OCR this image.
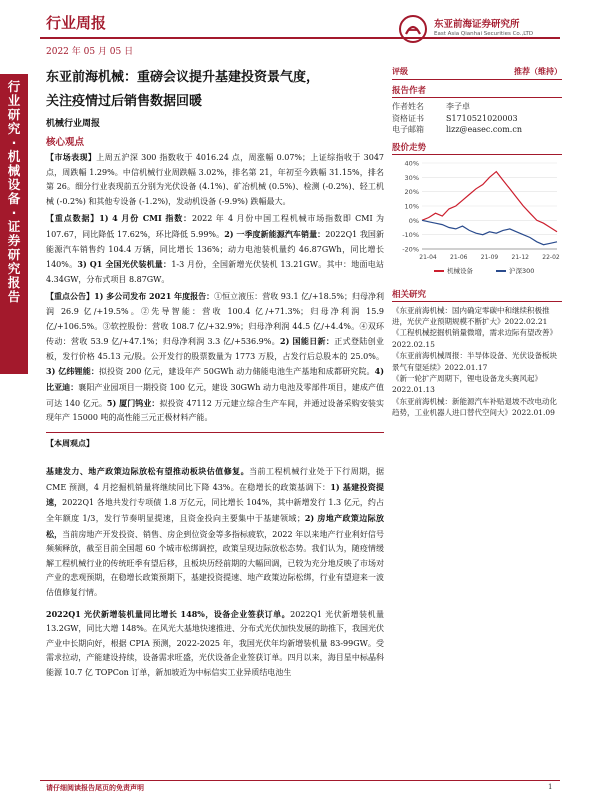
行业周报
2022 年 05 月 05 日
东亚前海证券研究所
East Asia Qianhai Securities Co.,LTD
行业研究·机械设备·证券研究报告
东亚前海机械：重磅会议提升基建投资景气度，
关注疫情过后销售数据回暖
机械行业周报
核心观点

【市场表现】上周五沪深 300 指数收于 4016.24 点，周涨幅 0.07%；上证综指收于 3047 点，周跌幅 1.29%。中信机械行业周跌幅 3.02%，排名第 21，年初至今跌幅 31.15%，排名第 26。细分行业表现前五分别为光伏设备 (4.1%)、矿冶机械 (0.5%)、检测 (-0.2%)、轻工机械 (-0.2%) 和其他专设备 (-1.2%)，发动机设备 (-9.9%) 跌幅最大。

【重点数据】1) 4 月份 CMI 指数：2022 年 4 月份中国工程机械市场指数即 CMI 为 107.67，同比降低 17.62%，环比降低 5.99%。2) 一季度新能源汽车销量：2022Q1 我国新能源汽车销售约 104.4 万辆，同比增长 136%；动力电池装机量约 46.87GWh，同比增长 140%。3) Q1 全国光伏装机量：1-3 月份，全国新增光伏装机 13.21GW。其中：地面电站 4.34GW，分布式项目 8.87GW。

【重点公告】1) 多公司发布 2021 年度报告：①恒立液压：营收 93.1 亿/+18.5%；归母净利润 26.9 亿/+19.5%。②先导智能：营收 100.4 亿/+71.3%；归母净利润 15.9 亿/+106.5%。③软控股份：营收 108.7 亿/+32.9%；归母净利润 44.5 亿/+4.4%。④双环传动：营收 53.9 亿/+47.1%；归母净利润 3.3 亿/+536.9%。2) 国能日新：正式登陆创业板，发行价格 45.13 元/股。公开发行的股票数量为 1773 万股，占发行后总股本的 25.0%。3) 亿纬锂能：拟投资 200 亿元，建设年产 50GWh 动力储能电池生产基地和成都研究院。4) 比亚迪：襄阳产业园项目一期投资 100 亿元，建设 30GWh 动力电池及零部件项目，建成产值可达 140 亿元。5) 厦门钨业：拟投资 47112 万元建立综合生产车间，并通过设备采购安装实现年产 15000 吨的高性能三元正极材料产能。

【本周观点】

基建发力、地产政策边际放松有望推动板块估值修复。当前工程机械行业处于下行周期，据 CME 预测，4 月挖掘机销量将继续同比下降 43%。在稳增长的政策基调下：1) 基建投资提速，2022Q1 各地共发行专项债 1.8 万亿元，同比增长 104%，其中新增发行 1.3 亿元，约占全年额度 1/3，发行节奏明显提速，且资金投向主要集中于基建领域；2) 房地产政策边际放松，当前房地产开发投资、销售、房企到位资金等多指标疲软，2022 年以来地产行业利好信号频频释放，截至目前全国超 60 个城市松绑调控，政策呈现边际放松态势。我们认为，随疫情缓解工程机械行业的传统旺季有望后移，且板块历经前期的大幅回调，已较为充分地反映了市场对产业的悲观预期，在稳增长政策预期下，基建投资提速、地产政策边际松绑，行业有望迎来一波估值修复行情。

2022Q1 光伏新增装机量同比增长 148%，设备企业签获订单。2022Q1 光伏新增装机量 13.2GW，同比大增 148%。在风光大基地快速推进、分布式光伏加快发展的助推下，我国光伏产业中长期向好，根据 CPIA 预测，2022-2025 年，我国光伏年均新增装机量 83-99GW。受需求拉动，产能建设持续，设备需求旺盛，光伏设备企业签获订单。四月以来，海目星中标晶科能源 10.7 亿 TOPCon 订单，新加坡近为中标信实工业异质结电池生

评级	推荐（维持）
报告作者
作者姓名	李子卓
资格证书	S1710521020003
电子邮箱	lizz@easec.com.cn
股价走势
40%
30%
20%
10%
0%
-10%
-20%
21-04 21-06 21-09 21-12 22-02
机械设备	沪深300
相关研究
《东亚前海机械：国内确定零碳中和继续积极推进，光伏产业预期规模不断扩大》2022.02.21
《工程机械挖掘机销量微增，需求边际有望改善》2022.02.15
《东亚前海机械周报：半导体设备、光伏设备板块景气有望延续》2022.01.17
《新一轮扩产周期下，锂电设备龙头赛风起》2022.01.13
《东亚前海机械：新能源汽车补贴退坡不改电动化趋势，工业机器人进口替代空间大》2022.01.09
请仔细阅读报告尾页的免责声明	1
